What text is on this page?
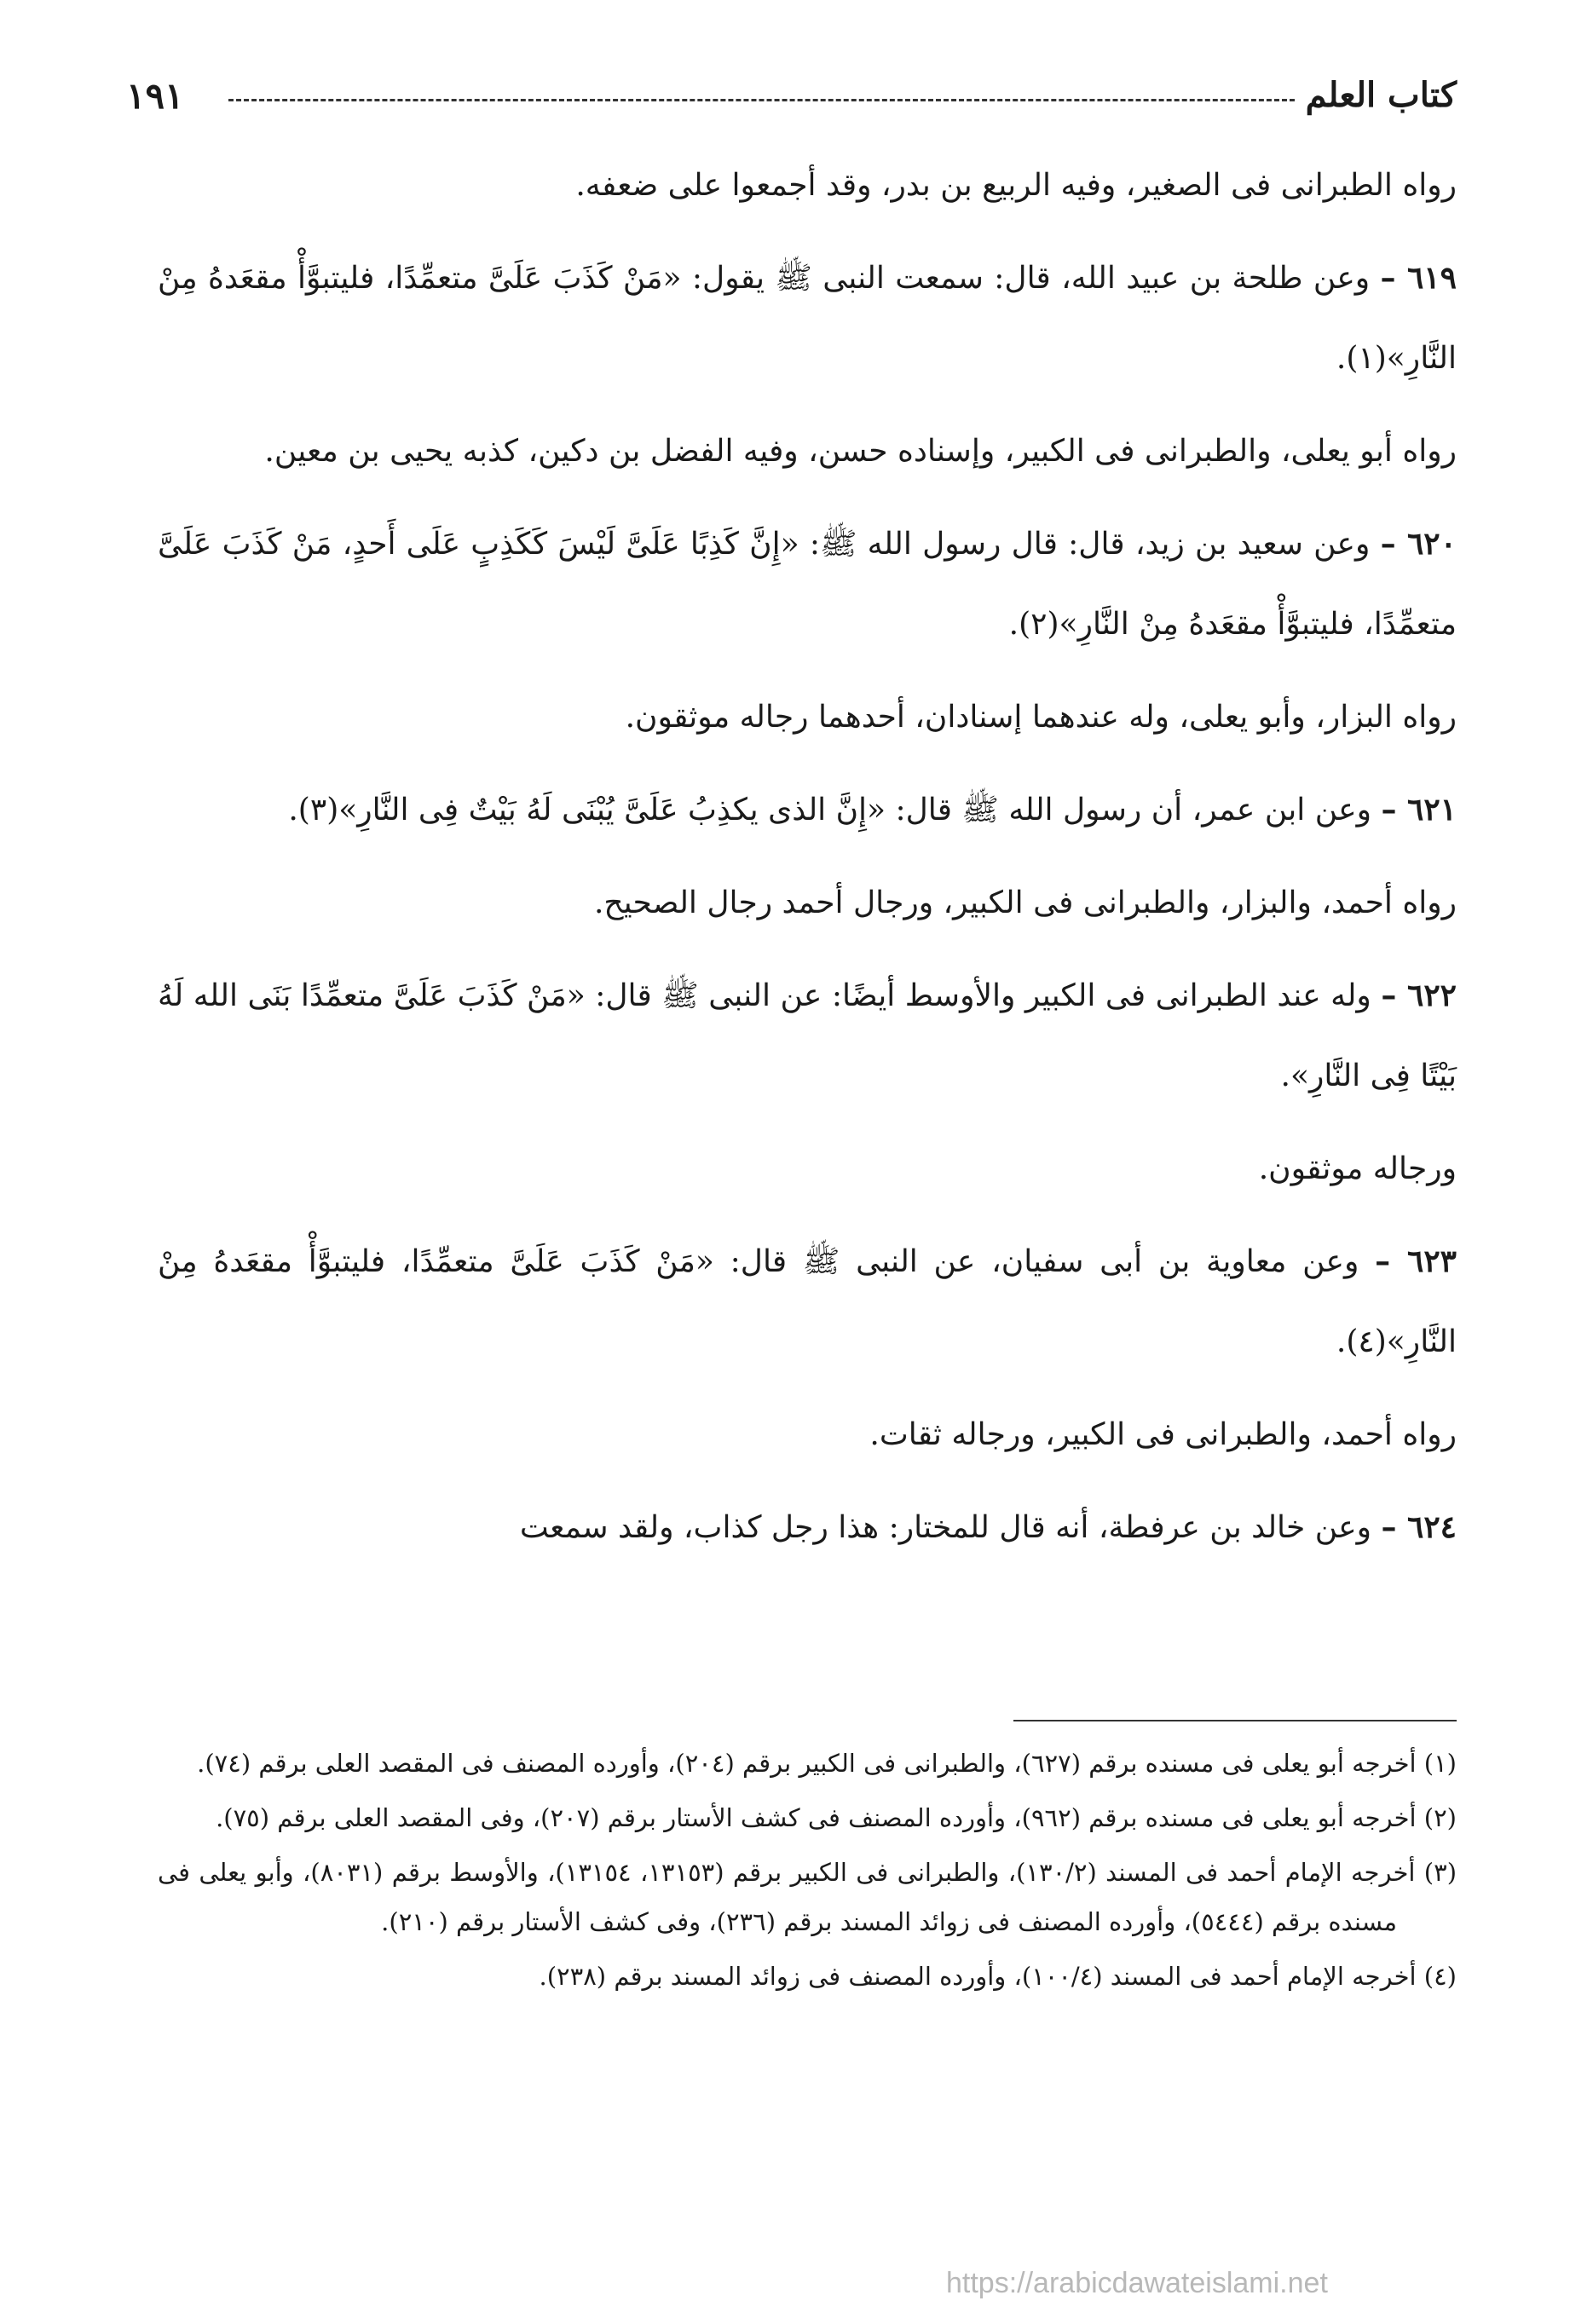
كتاب العلم
١٩١

رواه الطبرانى فى الصغير، وفيه الربيع بن بدر، وقد أجمعوا على ضعفه.

٦١٩ – وعن طلحة بن عبيد الله، قال: سمعت النبى ﷺ يقول: «مَنْ كَذَبَ عَلَىَّ متعمِّدًا، فليتبوَّأْ مقعَدهُ مِنْ النَّارِ»(١).

رواه أبو يعلى، والطبرانى فى الكبير، وإسناده حسن، وفيه الفضل بن دكين، كذبه يحيى بن معين.

٦٢٠ – وعن سعيد بن زيد، قال: قال رسول الله ﷺ: «إِنَّ كَذِبًا عَلَىَّ لَيْسَ كَكَذِبٍ عَلَى أَحدٍ، مَنْ كَذَبَ عَلَىَّ متعمِّدًا، فليتبوَّأْ مقعَدهُ مِنْ النَّارِ»(٢).

رواه البزار، وأبو يعلى، وله عندهما إسنادان، أحدهما رجاله موثقون.

٦٢١ – وعن ابن عمر، أن رسول الله ﷺ قال: «إِنَّ الذى يكذِبُ عَلَىَّ يُبْنَى لَهُ بَيْتٌ فِى النَّارِ»(٣).

رواه أحمد، والبزار، والطبرانى فى الكبير، ورجال أحمد رجال الصحيح.

٦٢٢ – وله عند الطبرانى فى الكبير والأوسط أيضًا: عن النبى ﷺ قال: «مَنْ كَذَبَ عَلَىَّ متعمِّدًا بَنَى الله لَهُ بَيْتًا فِى النَّارِ».

ورجاله موثقون.

٦٢٣ – وعن معاوية بن أبى سفيان، عن النبى ﷺ قال: «مَنْ كَذَبَ عَلَىَّ متعمِّدًا، فليتبوَّأْ مقعَدهُ مِنْ النَّارِ»(٤).

رواه أحمد، والطبرانى فى الكبير، ورجاله ثقات.

٦٢٤ – وعن خالد بن عرفطة، أنه قال للمختار: هذا رجل كذاب، ولقد سمعت

(١) أخرجه أبو يعلى فى مسنده برقم (٦٢٧)، والطبرانى فى الكبير برقم (٢٠٤)، وأورده المصنف فى المقصد العلى برقم (٧٤).

(٢) أخرجه أبو يعلى فى مسنده برقم (٩٦٢)، وأورده المصنف فى كشف الأستار برقم (٢٠٧)، وفى المقصد العلى برقم (٧٥).

(٣) أخرجه الإمام أحمد فى المسند (١٣٠/٢)، والطبرانى فى الكبير برقم (١٣١٥٣، ١٣١٥٤)، والأوسط برقم (٨٠٣١)، وأبو يعلى فى مسنده برقم (٥٤٤٤)، وأورده المصنف فى زوائد المسند برقم (٢٣٦)، وفى كشف الأستار برقم (٢١٠).

(٤) أخرجه الإمام أحمد فى المسند (١٠٠/٤)، وأورده المصنف فى زوائد المسند برقم (٢٣٨).

https://arabicdawateislami.net
